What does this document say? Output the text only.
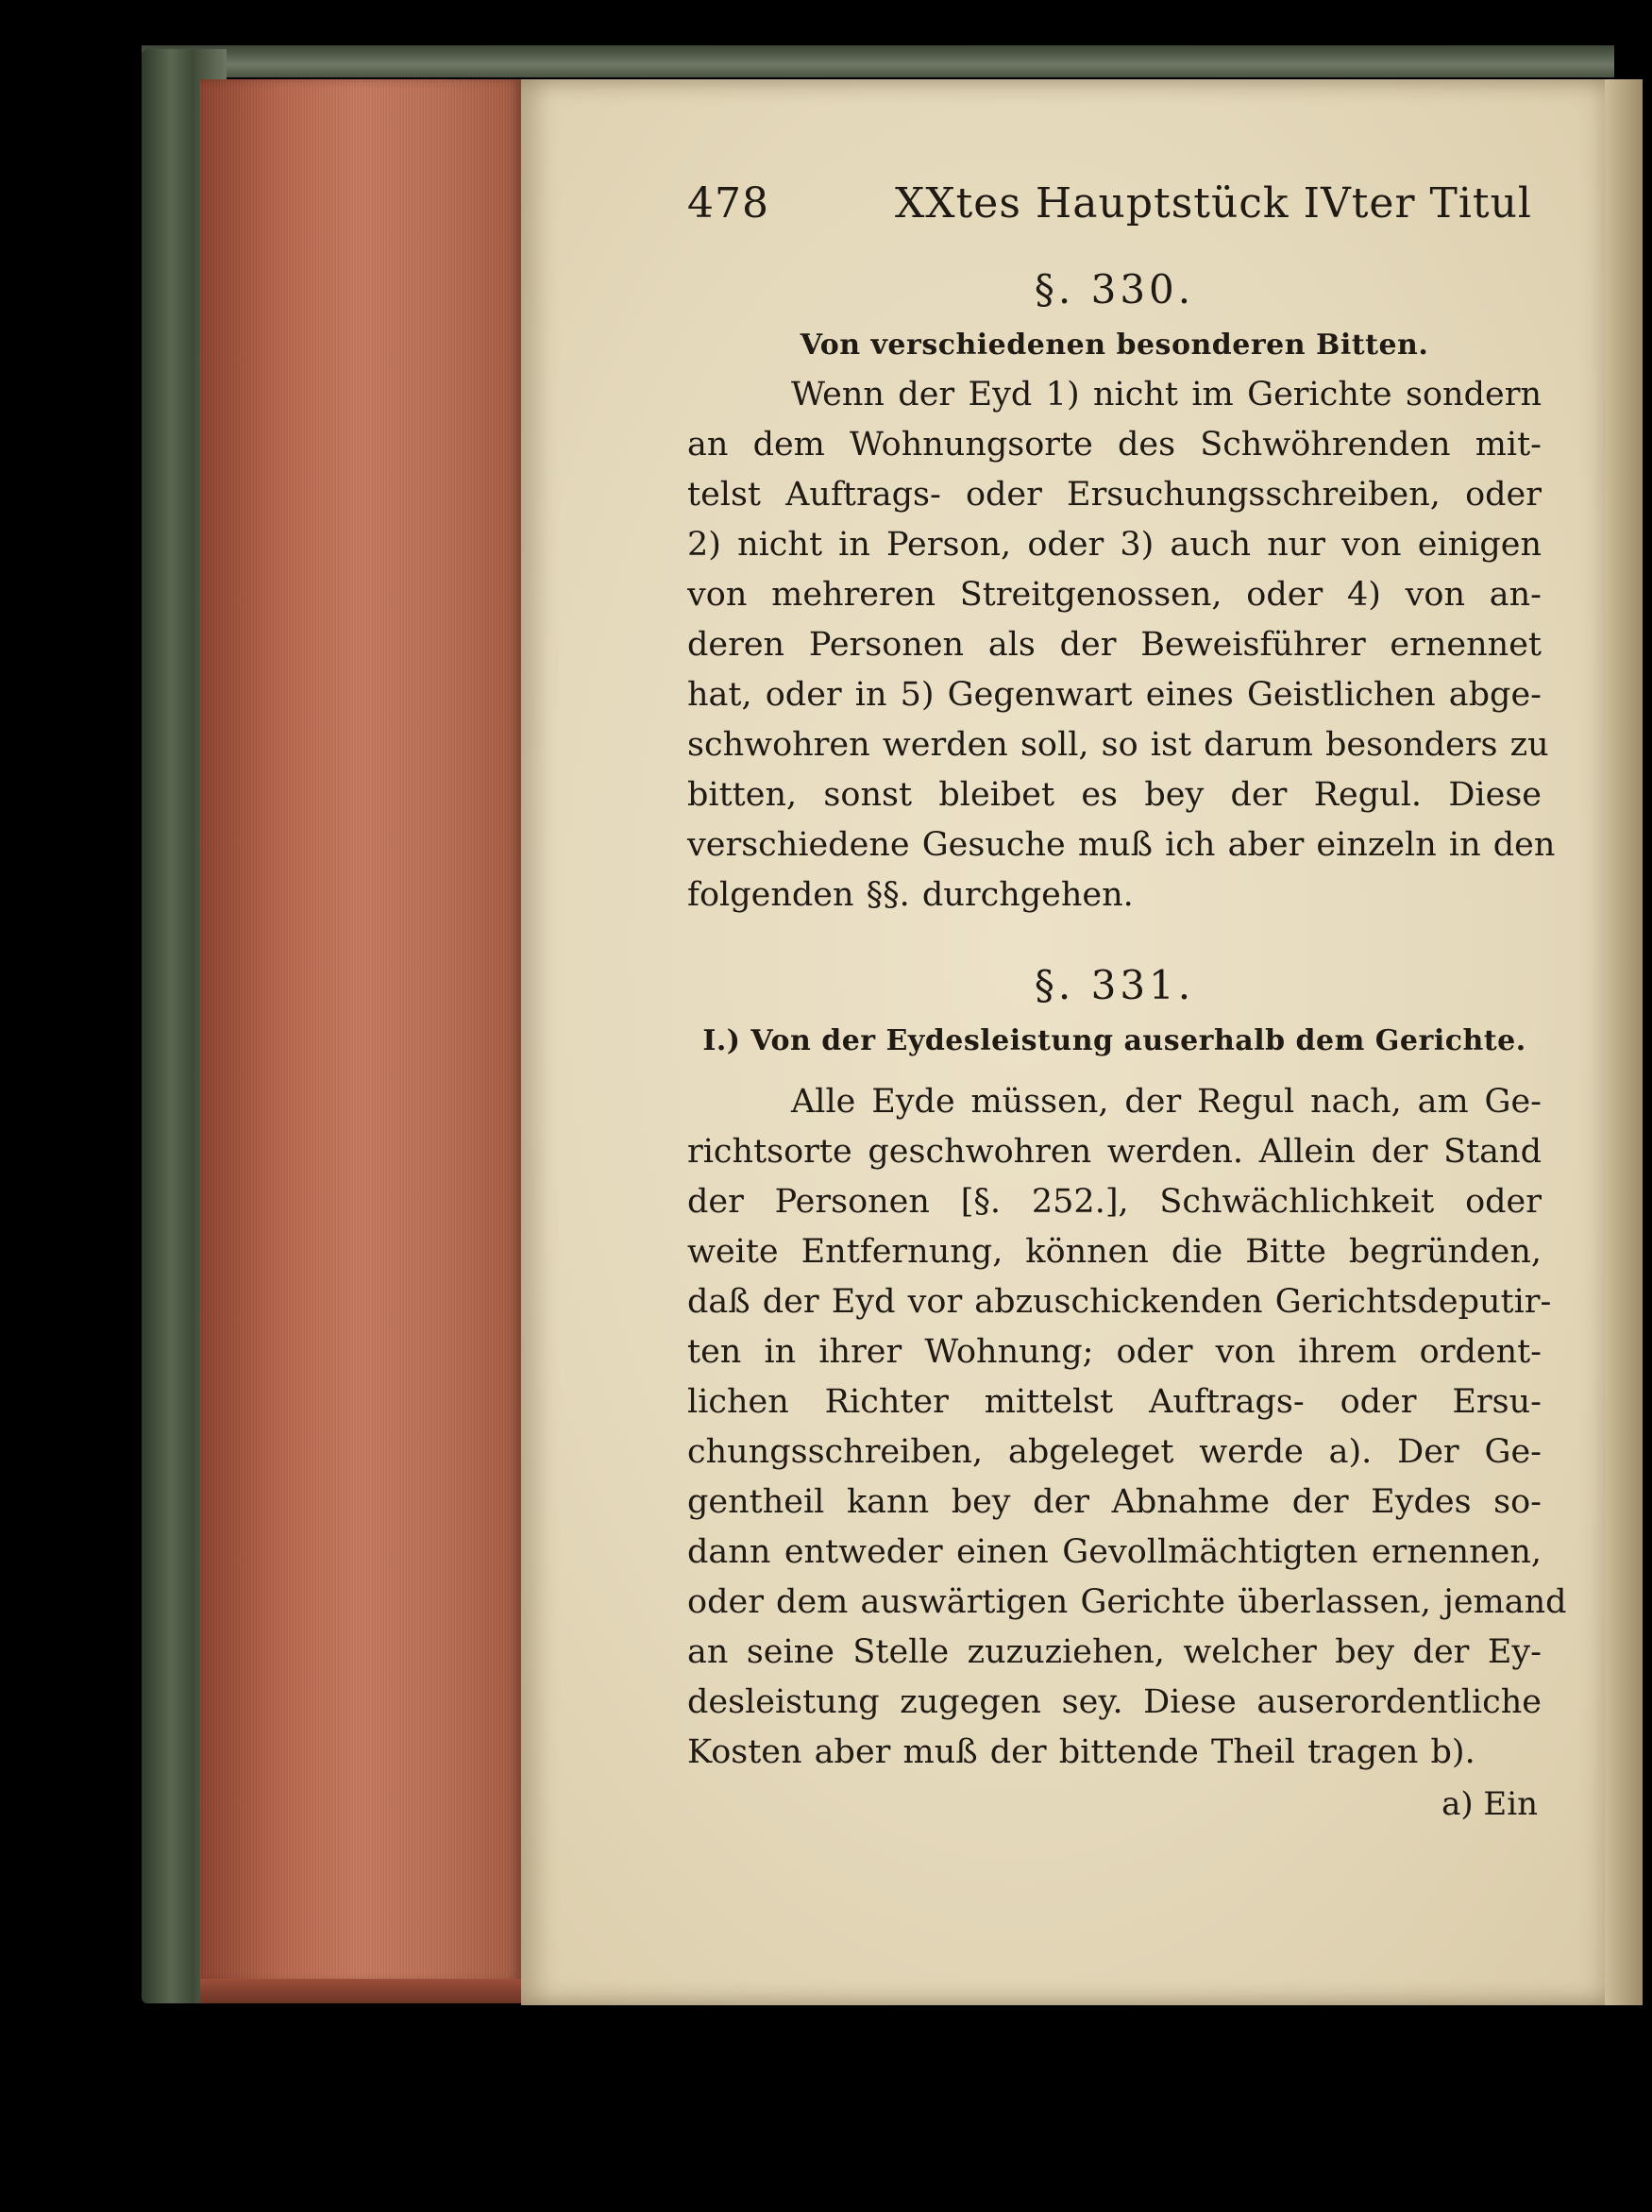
478	XXtes Hauptstück IVter Titul
§. 330.
Von verschiedenen besonderen Bitten.
Wenn der Eyd 1) nicht im Gerichte sondern
an dem Wohnungsorte des Schwöhrenden mit-
telst Auftrags- oder Ersuchungsschreiben, oder
2) nicht in Person, oder 3) auch nur von einigen
von mehreren Streitgenossen, oder 4) von an-
deren Personen als der Beweisführer ernennet
hat, oder in 5) Gegenwart eines Geistlichen abge-
schwohren werden soll, so ist darum besonders zu
bitten, sonst bleibet es bey der Regul. Diese
verschiedene Gesuche muß ich aber einzeln in den
folgenden §§. durchgehen.
§. 331.
I.) Von der Eydesleistung auserhalb dem Gerichte.
Alle Eyde müssen, der Regul nach, am Ge-
richtsorte geschwohren werden. Allein der Stand
der Personen [§. 252.], Schwächlichkeit oder
weite Entfernung, können die Bitte begründen,
daß der Eyd vor abzuschickenden Gerichtsdeputir-
ten in ihrer Wohnung; oder von ihrem ordent-
lichen Richter mittelst Auftrags- oder Ersu-
chungsschreiben, abgeleget werde a). Der Ge-
gentheil kann bey der Abnahme der Eydes so-
dann entweder einen Gevollmächtigten ernennen,
oder dem auswärtigen Gerichte überlassen, jemand
an seine Stelle zuzuziehen, welcher bey der Ey-
desleistung zugegen sey. Diese auserordentliche
Kosten aber muß der bittende Theil tragen b).
a) Ein
